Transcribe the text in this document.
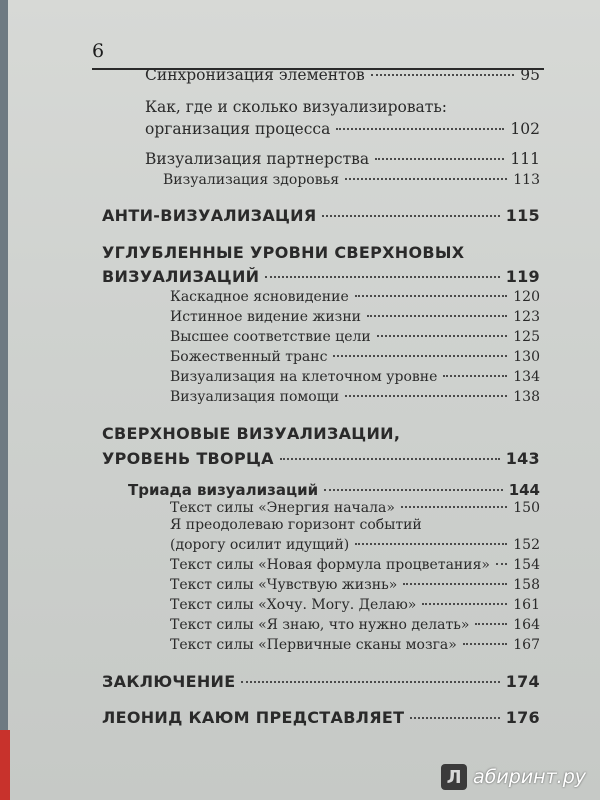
6
Синхронизация элементов	95
Как, где и сколько визуализировать:
организация процесса	102
Визуализация партнерства	111
Визуализация здоровья	113
АНТИ-ВИЗУАЛИЗАЦИЯ	115
УГЛУБЛЕННЫЕ УРОВНИ СВЕРХНОВЫХ
ВИЗУАЛИЗАЦИЙ	119
Каскадное ясновидение	120
Истинное видение жизни	123
Высшее соответствие цели	125
Божественный транс	130
Визуализация на клеточном уровне	134
Визуализация помощи	138
СВЕРХНОВЫЕ ВИЗУАЛИЗАЦИИ,
УРОВЕНЬ ТВОРЦА	143
Триада визуализаций	144
Текст силы «Энергия начала»	150
Я преодолеваю горизонт событий
(дорогу осилит идущий)	152
Текст силы «Новая формула процветания» 154
Текст силы «Чувствую жизнь»	158
Текст силы «Хочу. Могу. Делаю»	161
Текст силы «Я знаю, что нужно делать»	164
Текст силы «Первичные сканы мозга»	167
ЗАКЛЮЧЕНИЕ	174
ЛЕОНИД КАЮМ ПРЕДСТАВЛЯЕТ	176
Л абиринт.ру
